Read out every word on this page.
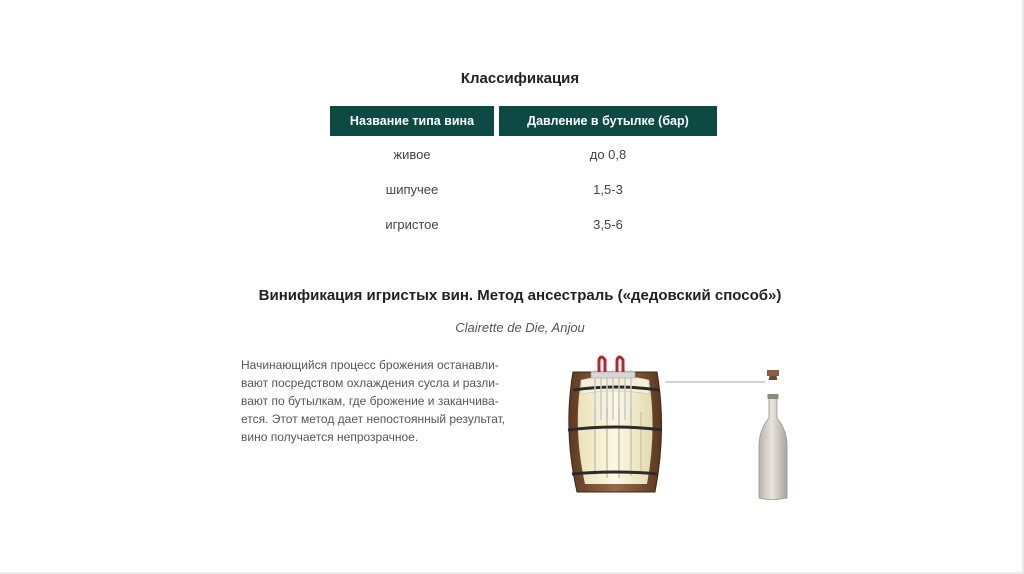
Классификация
Название типа вина	Давление в бутылке (бар)
живое	до 0,8
шипучее	1,5-3
игристое	3,5-6
Винификация игристых вин. Метод ансестраль («дедовский способ»)
Clairette de Die, Anjou
Начинающийся процесс брожения останавли-
вают посредством охлаждения сусла и разли-
вают по бутылкам, где брожение и заканчива-
ется. Этот метод дает непостоянный результат,
вино получается непрозрачное.
